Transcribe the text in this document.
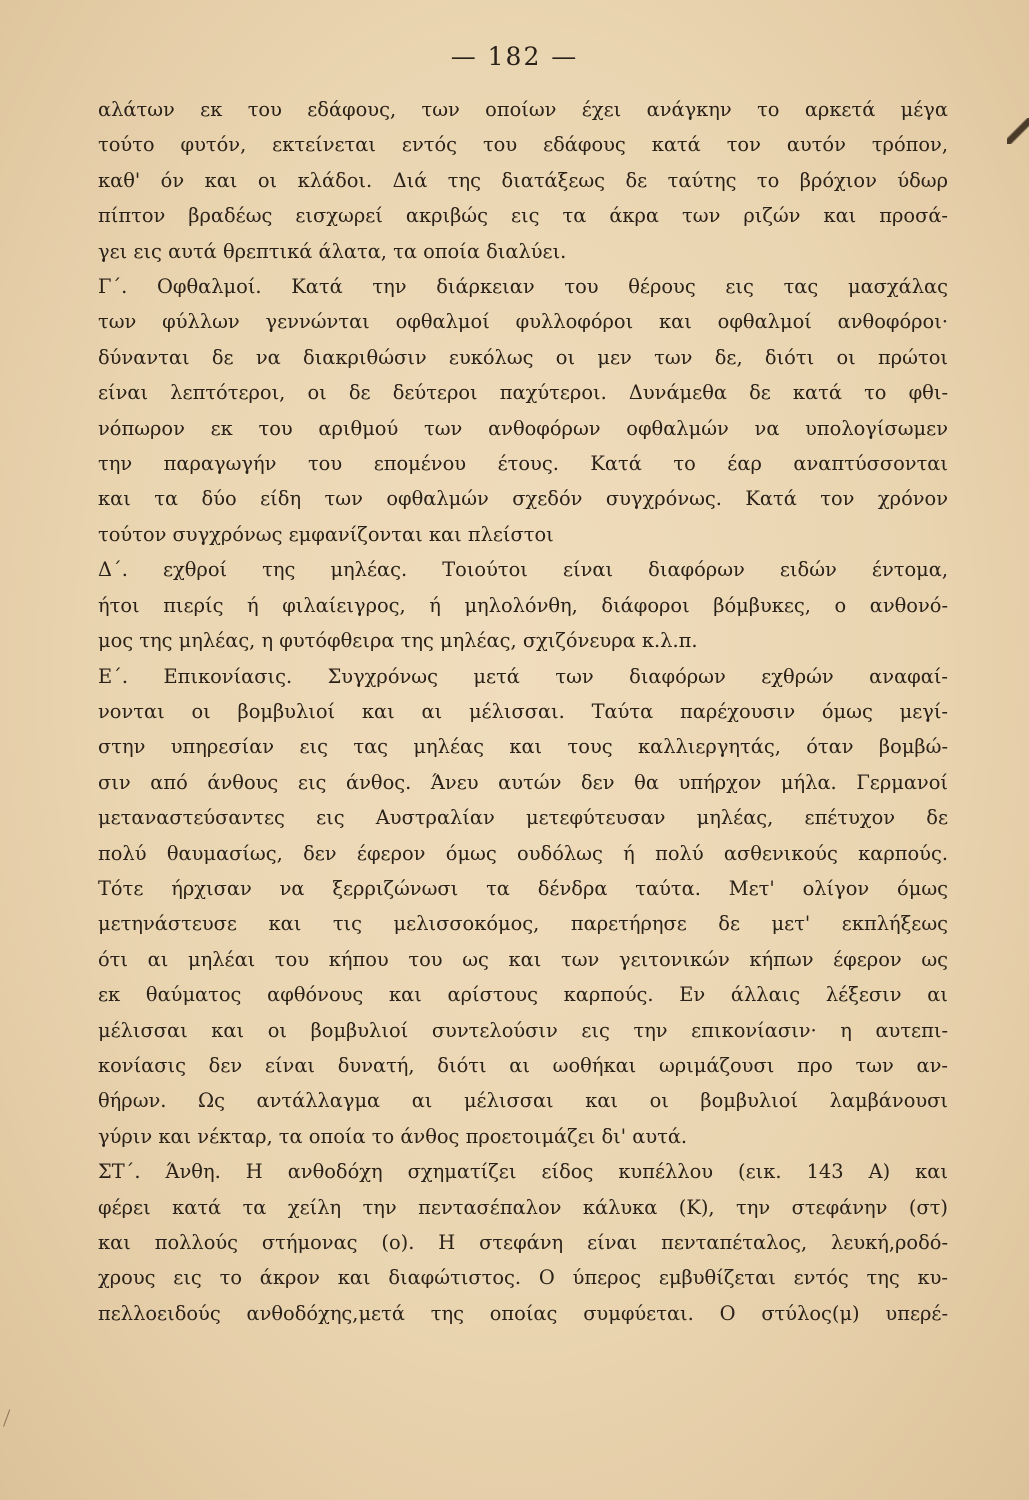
— 182 —
αλάτων εκ του εδάφους, των οποίων έχει ανάγκην το αρκετά μέγα
τούτο φυτόν, εκτείνεται εντός του εδάφους κατά τον αυτόν τρόπον,
καθ' όν και οι κλάδοι. Διά της διατάξεως δε ταύτης το βρόχιον ύδωρ
πίπτον βραδέως εισχωρεί ακριβώς εις τα άκρα των ριζών και προσά-
γει εις αυτά θρεπτικά άλατα, τα οποία διαλύει.
Γ΄. Οφθαλμοί. Κατά την διάρκειαν του θέρους εις τας μασχάλας
των φύλλων γεννώνται οφθαλμοί φυλλοφόροι και οφθαλμοί ανθοφόροι·
δύνανται δε να διακριθώσιν ευκόλως οι μεν των δε, διότι οι πρώτοι
είναι λεπτότεροι, οι δε δεύτεροι παχύτεροι. Δυνάμεθα δε κατά το φθι-
νόπωρον εκ του αριθμού των ανθοφόρων οφθαλμών να υπολογίσωμεν
την παραγωγήν του επομένου έτους. Κατά το έαρ αναπτύσσονται
και τα δύο είδη των οφθαλμών σχεδόν συγχρόνως. Κατά τον χρόνον
τούτον συγχρόνως εμφανίζονται και πλείστοι
Δ΄. εχθροί της μηλέας. Τοιούτοι είναι διαφόρων ειδών έντομα,
ήτοι πιερίς ή φιλαίειγρος, ή μηλολόνθη, διάφοροι βόμβυκες, ο ανθονό-
μος της μηλέας, η φυτόφθειρα της μηλέας, σχιζόνευρα κ.λ.π.
Ε΄. Επικονίασις. Συγχρόνως μετά των διαφόρων εχθρών αναφαί-
νονται οι βομβυλιοί και αι μέλισσαι. Ταύτα παρέχουσιν όμως μεγί-
στην υπηρεσίαν εις τας μηλέας και τους καλλιεργητάς, όταν βομβώ-
σιν από άνθους εις άνθος. Άνευ αυτών δεν θα υπήρχον μήλα. Γερμανοί
μεταναστεύσαντες εις Αυστραλίαν μετεφύτευσαν μηλέας, επέτυχον δε
πολύ θαυμασίως, δεν έφερον όμως ουδόλως ή πολύ ασθενικούς καρπούς.
Τότε ήρχισαν να ξερριζώνωσι τα δένδρα ταύτα. Μετ' ολίγον όμως
μετηνάστευσε και τις μελισσοκόμος, παρετήρησε δε μετ' εκπλήξεως
ότι αι μηλέαι του κήπου του ως και των γειτονικών κήπων έφερον ως
εκ θαύματος αφθόνους και αρίστους καρπούς. Εν άλλαις λέξεσιν αι
μέλισσαι και οι βομβυλιοί συντελούσιν εις την επικονίασιν· η αυτεπι-
κονίασις δεν είναι δυνατή, διότι αι ωοθήκαι ωριμάζουσι προ των αν-
θήρων. Ως αντάλλαγμα αι μέλισσαι και οι βομβυλιοί λαμβάνουσι
γύριν και νέκταρ, τα οποία το άνθος προετοιμάζει δι' αυτά.
ΣΤ΄. Άνθη. Η ανθοδόχη σχηματίζει είδος κυπέλλου (εικ. 143 Α) και
φέρει κατά τα χείλη την πεντασέπαλον κάλυκα (Κ), την στεφάνην (στ)
και πολλούς στήμονας (ο). Η στεφάνη είναι πενταπέταλος, λευκή,ροδό-
χρους εις το άκρον και διαφώτιστος. Ο ύπερος εμβυθίζεται εντός της κυ-
πελλοειδούς ανθοδόχης,μετά της οποίας συμφύεται. Ο στύλος(μ) υπερέ-
